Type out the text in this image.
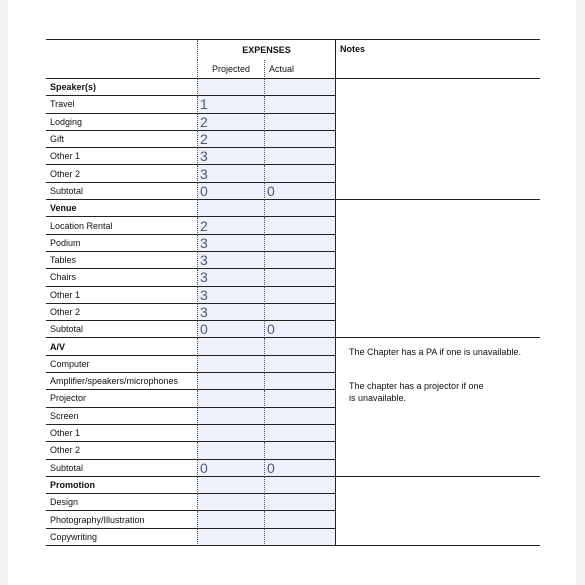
EXPENSES
Projected	Actual
Notes
Speaker(s)
Travel	1
Lodging	2
Gift	2
Other 1	3
Other 2	3
Subtotal	0	0
Venue
Location Rental	2
Podium	3
Tables	3
Chairs	3
Other 1	3
Other 2	3
Subtotal	0	0
A/V
Computer
Amplifier/speakers/microphones
Projector
Screen
Other 1
Other 2
Subtotal	0	0
The Chapter has a PA if one is unavailable.
The chapter has a projector if one is unavailable.
Promotion
Design
Photography/Illustration
Copywriting
